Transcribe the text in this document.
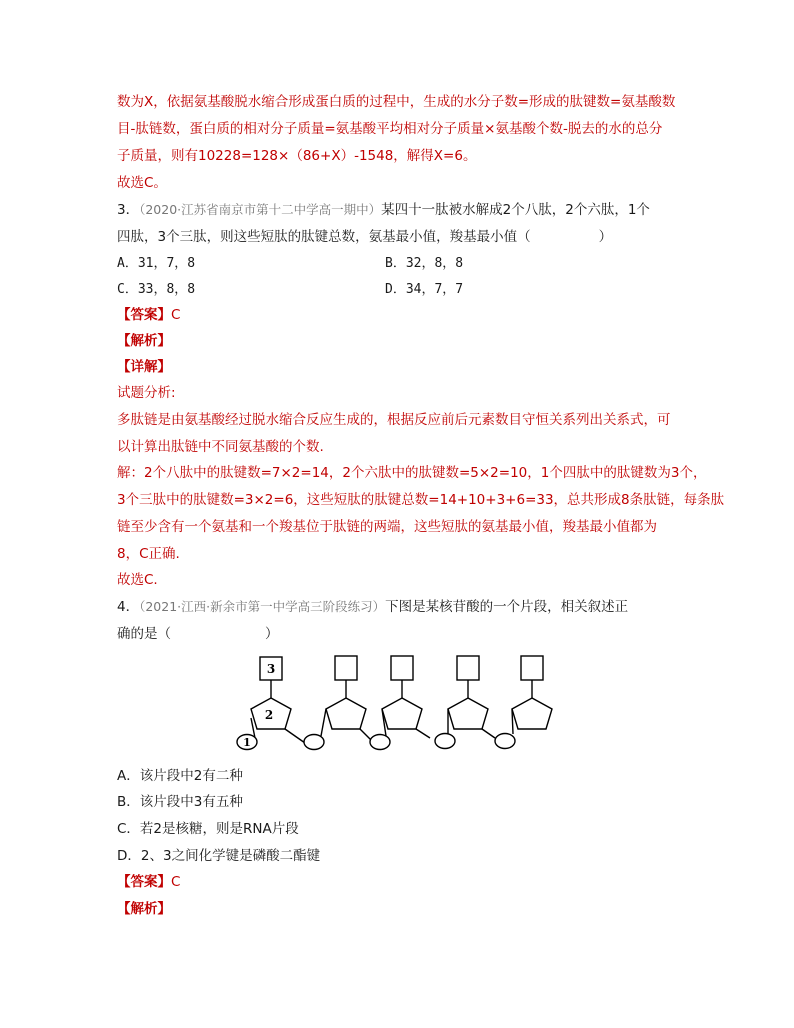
数为X，依据氨基酸脱水缩合形成蛋白质的过程中，生成的水分子数=形成的肽键数=氨基酸数
目-肽链数，蛋白质的相对分子质量=氨基酸平均相对分子质量×氨基酸个数-脱去的水的总分
子质量，则有10228=128×（86+X）-1548，解得X=6。
故选C。
3．（2020·江苏省南京市第十二中学高一期中）某四十一肽被水解成2个八肽，2个六肽，1个
四肽，3个三肽，则这些短肽的肽键总数，氨基最小值，羧基最小值（	）
A．31，7，8	B．32，8，8
C．33，8，8	D．34，7，7
【答案】C
【解析】
【详解】
试题分析:
多肽链是由氨基酸经过脱水缩合反应生成的，根据反应前后元素数目守恒关系列出关系式，可
以计算出肽链中不同氨基酸的个数.
解：2个八肽中的肽键数=7×2=14，2个六肽中的肽键数=5×2=10，1个四肽中的肽键数为3个，
3个三肽中的肽键数=3×2=6，这些短肽的肽键总数=14+10+3+6=33，总共形成8条肽链，每条肽
链至少含有一个氨基和一个羧基位于肽链的两端，这些短肽的氨基最小值，羧基最小值都为
8，C正确.
故选C.
4．（2021·江西·新余市第一中学高三阶段练习）下图是某核苷酸的一个片段，相关叙述正
确的是（	）
3
2
1
A．该片段中2有二种
B．该片段中3有五种
C．若2是核糖，则是RNA片段
D．2、3之间化学键是磷酸二酯键
【答案】C
【解析】
